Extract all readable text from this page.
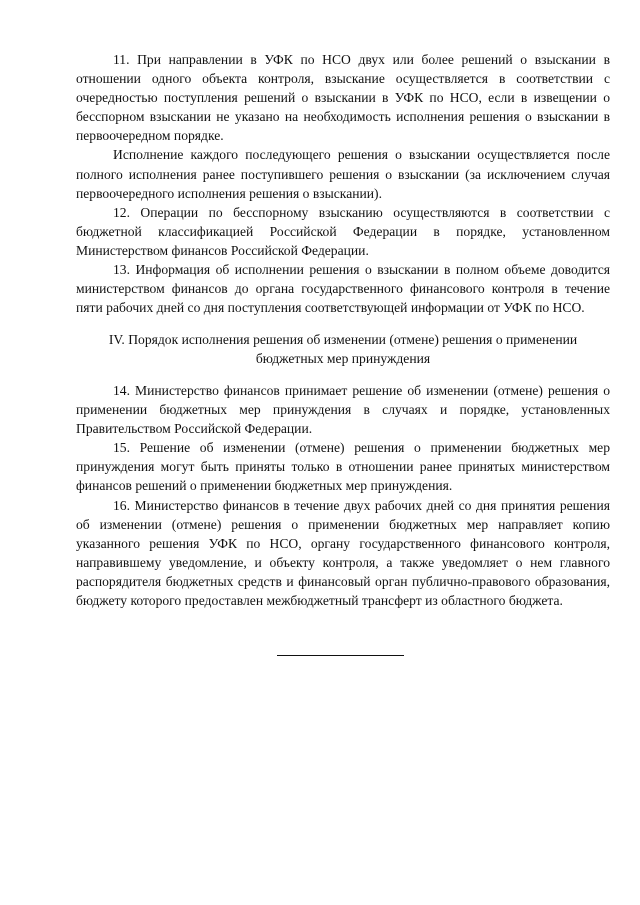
11. При направлении в УФК по НСО двух или более решений о взыскании в отношении одного объекта контроля, взыскание осуществляется в соответствии с очередностью поступления решений о взыскании в УФК по НСО, если в извещении о бесспорном взыскании не указано на необходимость исполнения решения о взыскании в первоочередном порядке.

Исполнение каждого последующего решения о взыскании осуществляется после полного исполнения ранее поступившего решения о взыскании (за исключением случая первоочередного исполнения решения о взыскании).

12. Операции по бесспорному взысканию осуществляются в соответствии с бюджетной классификацией Российской Федерации в порядке, установленном Министерством финансов Российской Федерации.

13. Информация об исполнении решения о взыскании в полном объеме доводится министерством финансов до органа государственного финансового контроля в течение пяти рабочих дней со дня поступления соответствующей информации от УФК по НСО.

IV. Порядок исполнения решения об изменении (отмене) решения о применении бюджетных мер принуждения

14. Министерство финансов принимает решение об изменении (отмене) решения о применении бюджетных мер принуждения в случаях и порядке, установленных Правительством Российской Федерации.

15. Решение об изменении (отмене) решения о применении бюджетных мер принуждения могут быть приняты только в отношении ранее принятых министерством финансов решений о применении бюджетных мер принуждения.

16. Министерство финансов в течение двух рабочих дней со дня принятия решения об изменении (отмене) решения о применении бюджетных мер направляет копию указанного решения УФК по НСО, органу государственного финансового контроля, направившему уведомление, и объекту контроля, а также уведомляет о нем главного распорядителя бюджетных средств и финансовый орган публично-правового образования, бюджету которого предоставлен межбюджетный трансферт из областного бюджета.
